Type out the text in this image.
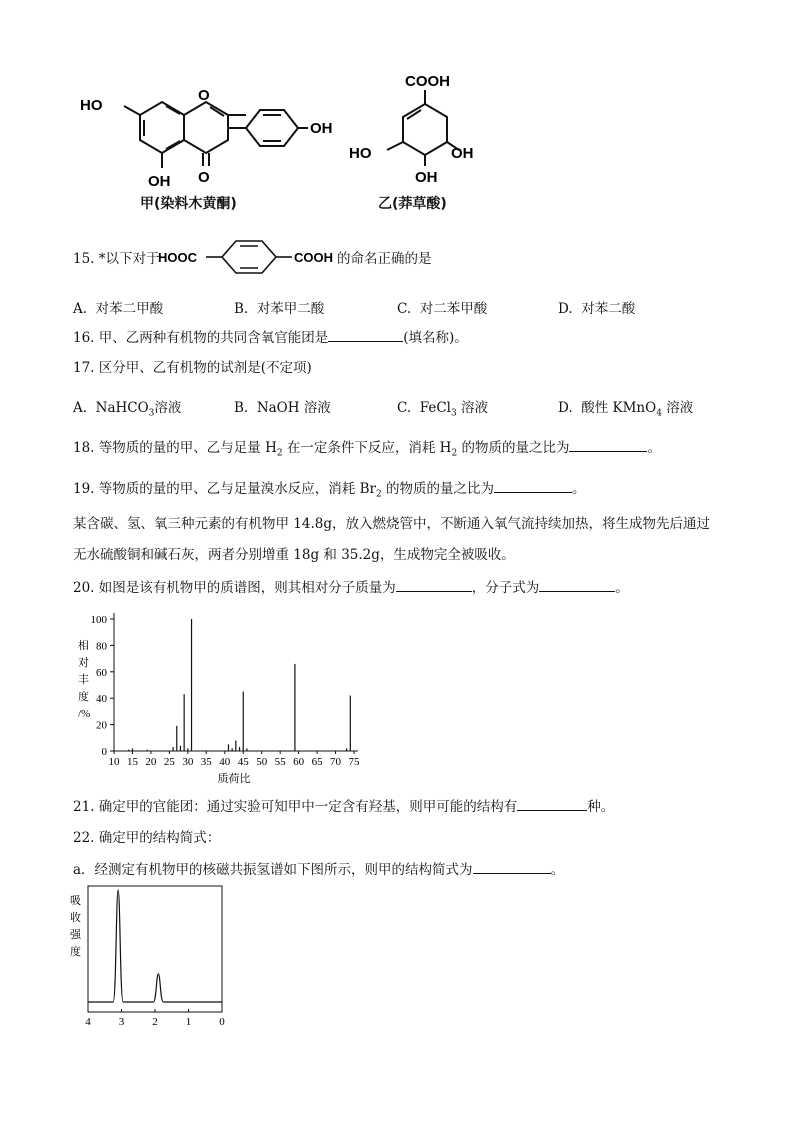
HO
O
OH
O
OH
甲(染料木黄酮)
COOH
HO	OH
OH
乙(莽草酸)
15. *以下对于
HOOC	COOH 的命名正确的是
A. 对苯二甲酸	B. 对苯甲二酸	C. 对二苯甲酸	D. 对苯二酸
16. 甲、乙两种有机物的共同含氧官能团是	(填名称)。
17. 区分甲、乙有机物的试剂是(不定项)
A. NaHCO$_3$溶液	B. NaOH 溶液	C. FeCl$_3$ 溶液	D. 酸性 KMnO$_4$ 溶液
18. 等物质的量的甲、乙与足量 $H_2$ 在一定条件下反应，消耗 $H_2$ 的物质的量之比为	。
19. 等物质的量的甲、乙与足量溴水反应，消耗 $Br_2$ 的物质的量之比为	。
某含碳、氢、氧三种元素的有机物甲 14.8g，放入燃烧管中，不断通入氧气流持续加热，将生成物先后通过
无水硫酸铜和碱石灰，两者分别增重 18g 和 35.2g，生成物完全被吸收。
20. 如图是该有机物甲的质谱图，则其相对分子质量为	，分子式为	。
0
20
40
60
80
100
10 15 20 25 30 35 40 45 50 55 60 65 70 75
相
对
丰
度
/%
质荷比
21. 确定甲的官能团：通过实验可知甲中一定含有羟基，则甲可能的结构有	种。
22. 确定甲的结构简式：
a．经测定有机物甲的核磁共振氢谱如下图所示，则甲的结构简式为	。
4	3	2	1	0
吸
收
强
度
